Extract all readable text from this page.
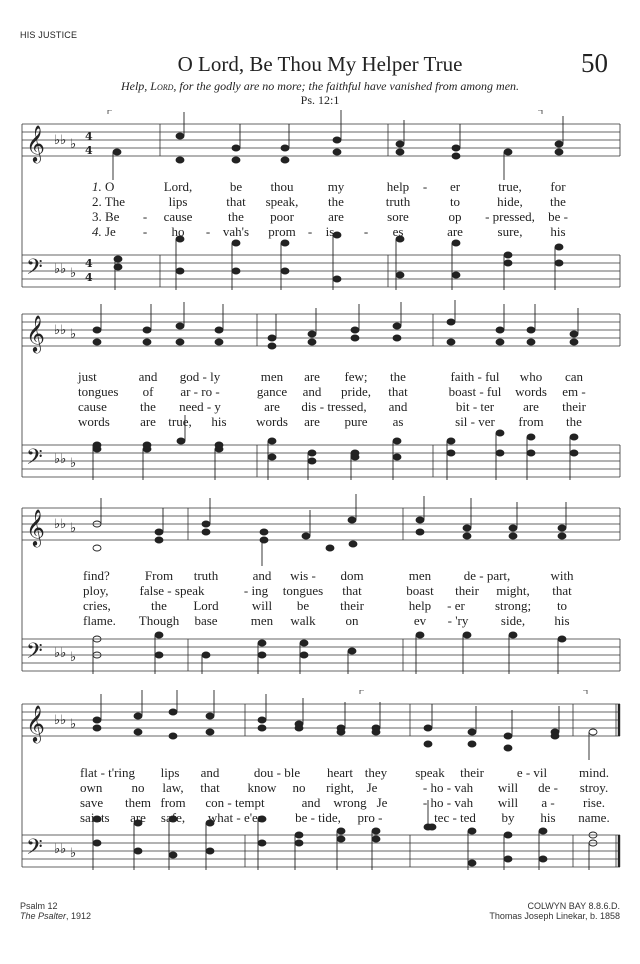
HIS JUSTICE
O Lord, Be Thou My Helper True	50
Help, Lord, for the godly are no more; the faithful have vanished from among men.
Ps. 12:1
𝄞 ♭♭ ♭
4
4
𝄢 ♭♭ ♭
4
4
1. O	Lord,	be thou	my	help - er	true, for
2. The	lips	that speak, the	truth	to	hide, the
3. Be - cause	the poor	are	sore	op - pressed, be -
4. Je - ho - vah's prom - is - es	are	sure, his
𝄞 ♭♭ ♭
𝄢 ♭♭ ♭
just	and god - ly	men are few; the	faith - ful who can
tongues of ar - ro -	gance and pride, that	boast - ful words em -
cause	the need - y	are dis - tressed, and	bit - ter are their
words are true, his words are pure as	sil - ver from the
𝄞 ♭♭ ♭
𝄢 ♭♭ ♭
find?	From truth	and wis - dom	men	de - part,	with
ploy, false - speak	- ing tongues that	boast their might, that
cries,	the Lord	will be their	help - er strong; to
flame. Though base	men walk on	ev - 'ry	side, his
𝄞 ♭♭ ♭
𝄢 ♭♭ ♭
flat - t'ring lips and	dou - ble heart they speak their	e - vil mind.
own no law, that know no right, Je	- ho - vah will de - stroy.
save them from con - tempt	and wrong Je	- ho - vah will a - rise.
saints are safe, what - e'er	be - tide, pro -	tec - ted by his name.
Psalm 12
The Psalter, 1912
COLWYN BAY 8.8.6.D.
Thomas Joseph Linekar, b. 1858
